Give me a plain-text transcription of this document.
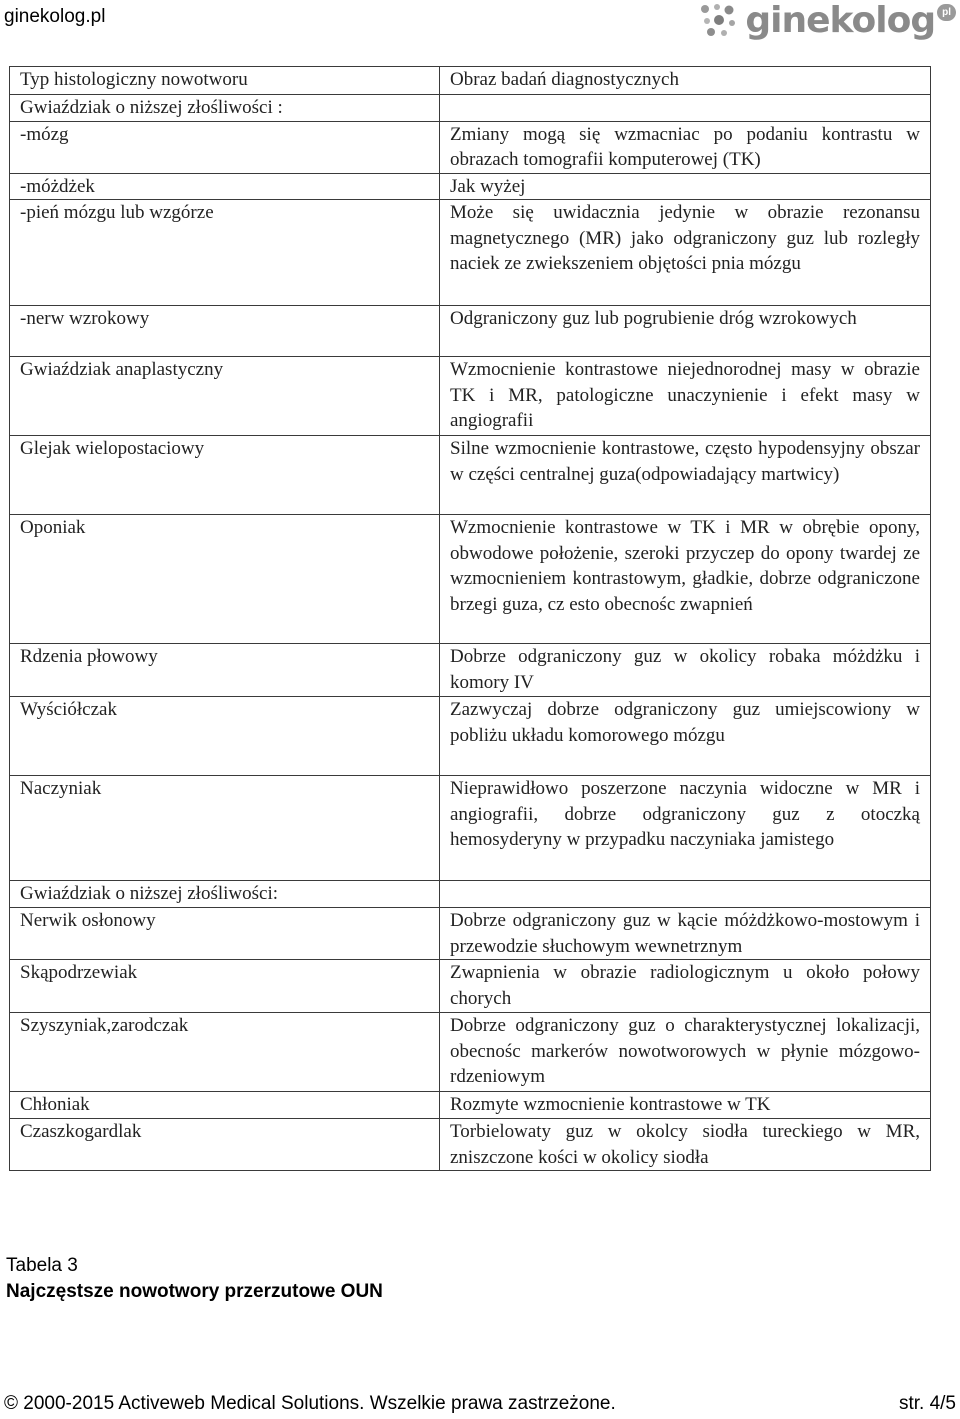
ginekolog.pl	ginekolog pl
Typ histologiczny nowotworu	Obraz badań diagnostycznych
Gwiaździak o niższej złośliwości :	
-mózg	Zmiany mogą się wzmacniac po podaniu kontrastu w obrazach tomografii komputerowej (TK)
-móżdżek	Jak wyżej
-pień mózgu lub wzgórze	Może się uwidacznia jedynie w obrazie rezonansu magnetycznego (MR) jako odgraniczony guz lub rozległy naciek ze zwiekszeniem objętości pnia mózgu
-nerw wzrokowy	Odgraniczony guz lub pogrubienie dróg wzrokowych
Gwiaździak anaplastyczny	Wzmocnienie kontrastowe niejednorodnej masy w obrazie TK i MR, patologiczne unaczynienie i efekt masy w angiografii
Glejak wielopostaciowy	Silne wzmocnienie kontrastowe, często hypodensyjny obszar w części centralnej guza(odpowiadający martwicy)
Oponiak	Wzmocnienie kontrastowe w TK i MR w obrębie opony, obwodowe położenie, szeroki przyczep do opony twardej ze wzmocnieniem kontrastowym, gładkie, dobrze odgraniczone brzegi guza, cz esto obecnośc zwapnień
Rdzenia płowowy	Dobrze odgraniczony guz w okolicy robaka móżdżku i komory IV
Wyściółczak	Zazwyczaj dobrze odgraniczony guz umiejscowiony w pobliżu układu komorowego mózgu
Naczyniak	Nieprawidłowo poszerzone naczynia widoczne w MR i angiografii, dobrze odgraniczony guz z otoczką hemosyderyny w przypadku naczyniaka jamistego
Gwiaździak o niższej złośliwości:	
Nerwik osłonowy	Dobrze odgraniczony guz w kącie móżdżkowo-mostowym i przewodzie słuchowym wewnetrznym
Skąpodrzewiak	Zwapnienia w obrazie radiologicznym u około połowy chorych
Szyszyniak,zarodczak	Dobrze odgraniczony guz o charakterystycznej lokalizacji, obecnośc markerów nowotworowych w płynie mózgowo-rdzeniowym
Chłoniak	Rozmyte wzmocnienie kontrastowe w TK
Czaszkogardlak	Torbielowaty guz w okolcy siodła tureckiego w MR, zniszczone kości w okolicy siodła
Tabela 3
Najczęstsze nowotwory przerzutowe OUN
© 2000-2015 Activeweb Medical Solutions. Wszelkie prawa zastrzeżone.	str. 4/5
